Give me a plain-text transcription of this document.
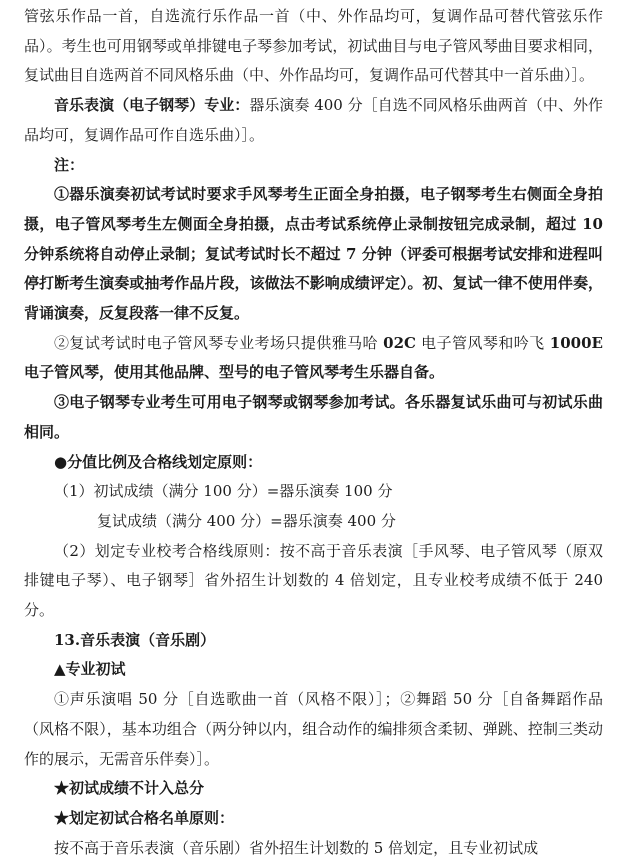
管弦乐作品一首，自选流行乐作品一首（中、外作品均可，复调作品可替代管弦乐作品）。考生也可用钢琴或单排键电子琴参加考试，初试曲目与电子管风琴曲目要求相同，复试曲目自选两首不同风格乐曲（中、外作品均可，复调作品可代替其中一首乐曲）］。

音乐表演（电子钢琴）专业：器乐演奏 400 分［自选不同风格乐曲两首（中、外作品均可，复调作品可作自选乐曲）］。

注：

①器乐演奏初试考试时要求手风琴考生正面全身拍摄，电子钢琴考生右侧面全身拍摄，电子管风琴考生左侧面全身拍摄，点击考试系统停止录制按钮完成录制，超过 10 分钟系统将自动停止录制；复试考试时长不超过 7 分钟（评委可根据考试安排和进程叫停打断考生演奏或抽考作品片段，该做法不影响成绩评定）。初、复试一律不使用伴奏，背诵演奏，反复段落一律不反复。

②复试考试时电子管风琴专业考场只提供雅马哈 02C 电子管风琴和吟飞 1000E 电子管风琴，使用其他品牌、型号的电子管风琴考生乐器自备。

③电子钢琴专业考生可用电子钢琴或钢琴参加考试。各乐器复试乐曲可与初试乐曲相同。

●分值比例及合格线划定原则：

（1）初试成绩（满分 100 分）=器乐演奏 100 分

复试成绩（满分 400 分）=器乐演奏 400 分

（2）划定专业校考合格线原则：按不高于音乐表演［手风琴、电子管风琴（原双排键电子琴）、电子钢琴］省外招生计划数的 4 倍划定，且专业校考成绩不低于 240 分。

13.音乐表演（音乐剧）

▲专业初试

①声乐演唱 50 分［自选歌曲一首（风格不限）］；②舞蹈 50 分［自备舞蹈作品（风格不限），基本功组合（两分钟以内，组合动作的编排须含柔韧、弹跳、控制三类动作的展示，无需音乐伴奏）］。

★初试成绩不计入总分

★划定初试合格名单原则：

按不高于音乐表演（音乐剧）省外招生计划数的 5 倍划定，且专业初试成
